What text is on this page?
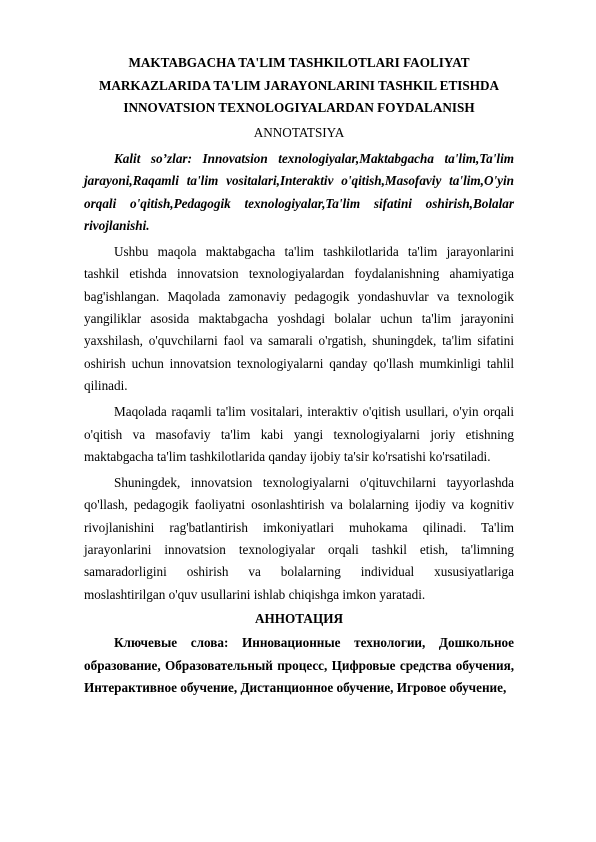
MAKTABGACHA TA'LIM TASHKILOTLARI FAOLIYAT MARKAZLARIDA TA'LIM JARAYONLARINI TASHKIL ETISHDA INNOVATSION TEXNOLOGIYALARDAN FOYDALANISH
ANNOTATSIYA

Kalit so’zlar: Innovatsion texnologiyalar,Maktabgacha ta'lim,Ta'lim jarayoni,Raqamli ta'lim vositalari,Interaktiv o'qitish,Masofaviy ta'lim,O'yin orqali o'qitish,Pedagogik texnologiyalar,Ta'lim sifatini oshirish,Bolalar rivojlanishi.

Ushbu maqola maktabgacha ta'lim tashkilotlarida ta'lim jarayonlarini tashkil etishda innovatsion texnologiyalardan foydalanishning ahamiyatiga bag'ishlangan. Maqolada zamonaviy pedagogik yondashuvlar va texnologik yangiliklar asosida maktabgacha yoshdagi bolalar uchun ta'lim jarayonini yaxshilash, o'quvchilarni faol va samarali o'rgatish, shuningdek, ta'lim sifatini oshirish uchun innovatsion texnologiyalarni qanday qo'llash mumkinligi tahlil qilinadi.

Maqolada raqamli ta'lim vositalari, interaktiv o'qitish usullari, o'yin orqali o'qitish va masofaviy ta'lim kabi yangi texnologiyalarni joriy etishning maktabgacha ta'lim tashkilotlarida qanday ijobiy ta'sir ko'rsatishi ko'rsatiladi.

Shuningdek, innovatsion texnologiyalarni o'qituvchilarni tayyorlashda qo'llash, pedagogik faoliyatni osonlashtirish va bolalarning ijodiy va kognitiv rivojlanishini rag'batlantirish imkoniyatlari muhokama qilinadi. Ta'lim jarayonlarini innovatsion texnologiyalar orqali tashkil etish, ta'limning samaradorligini oshirish va bolalarning individual xususiyatlariga moslashtirilgan o'quv usullarini ishlab chiqishga imkon yaratadi.

АННОТАЦИЯ

Ключевые слова: Инновационные технологии, Дошкольное образование, Образовательный процесс, Цифровые средства обучения, Интерактивное обучение, Дистанционное обучение, Игровое обучение,
